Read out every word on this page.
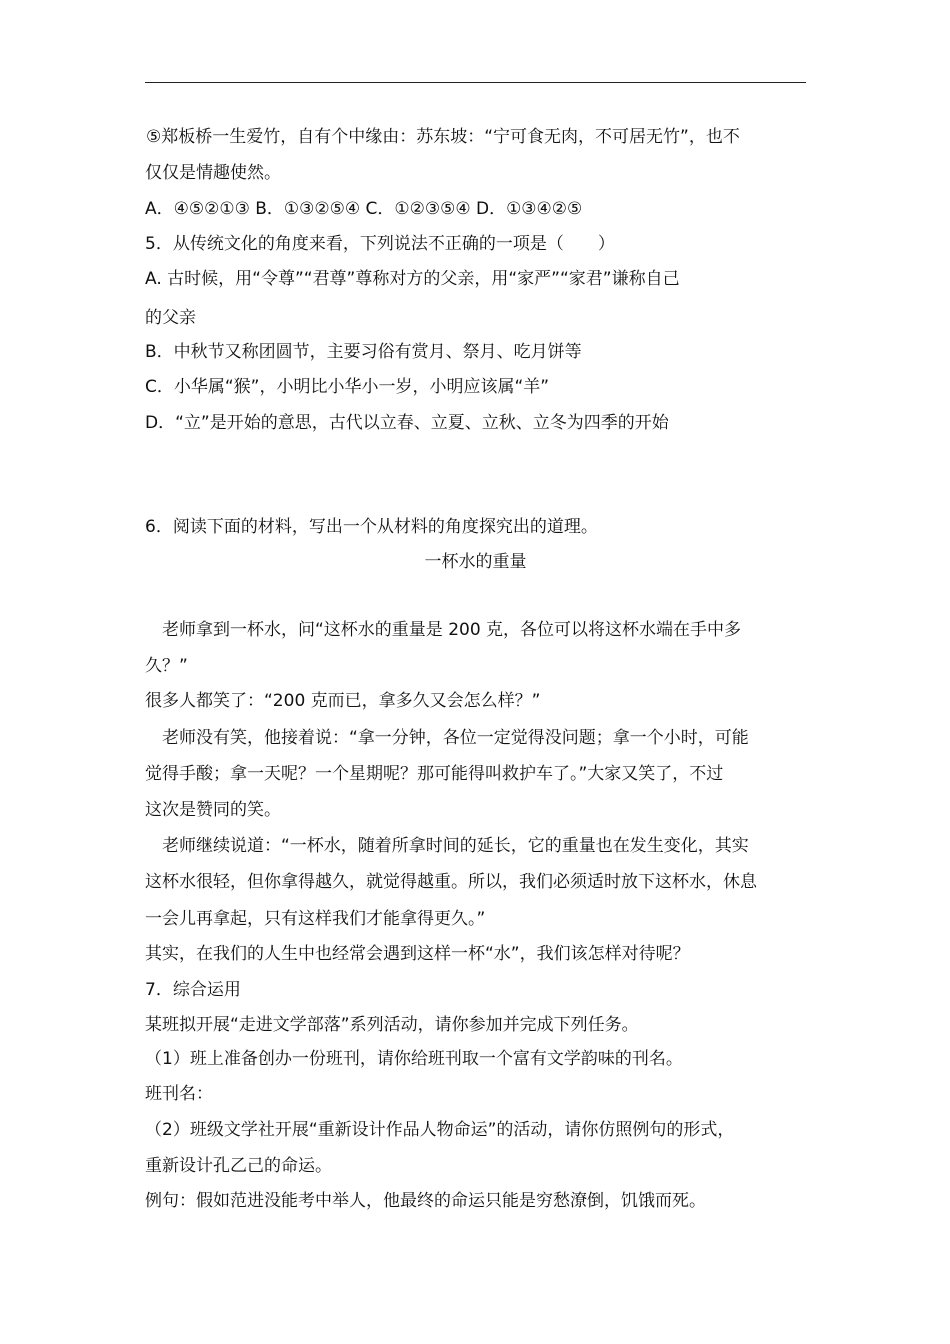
⑤郑板桥一生爱竹，自有个中缘由：苏东坡：“宁可食无肉，不可居无竹”，也不
仅仅是情趣使然。
A．④⑤②①③ B．①③②⑤④ C．①②③⑤④ D．①③④②⑤
5．从传统文化的角度来看，下列说法不正确的一项是（　　）
A. 古时候，用“令尊”“君尊”尊称对方的父亲，用“家严”“家君”谦称自己
的父亲
B．中秋节又称团圆节，主要习俗有赏月、祭月、吃月饼等
C．小华属“猴”，小明比小华小一岁，小明应该属“羊”
D．“立”是开始的意思，古代以立春、立夏、立秋、立冬为四季的开始
6．阅读下面的材料，写出一个从材料的角度探究出的道理。
一杯水的重量
老师拿到一杯水，问“这杯水的重量是 200 克，各位可以将这杯水端在手中多
久？”
很多人都笑了：“200 克而已，拿多久又会怎么样？”
老师没有笑，他接着说：“拿一分钟，各位一定觉得没问题；拿一个小时，可能
觉得手酸；拿一天呢？一个星期呢？那可能得叫救护车了。”大家又笑了，不过
这次是赞同的笑。
老师继续说道：“一杯水，随着所拿时间的延长，它的重量也在发生变化，其实
这杯水很轻，但你拿得越久，就觉得越重。所以，我们必须适时放下这杯水，休息
一会儿再拿起，只有这样我们才能拿得更久。”
其实，在我们的人生中也经常会遇到这样一杯“水”，我们该怎样对待呢？
7．综合运用
某班拟开展“走进文学部落”系列活动，请你参加并完成下列任务。
（1）班上准备创办一份班刊，请你给班刊取一个富有文学韵味的刊名。
班刊名：
（2）班级文学社开展“重新设计作品人物命运”的活动，请你仿照例句的形式，
重新设计孔乙己的命运。
例句：假如范进没能考中举人，他最终的命运只能是穷愁潦倒，饥饿而死。
